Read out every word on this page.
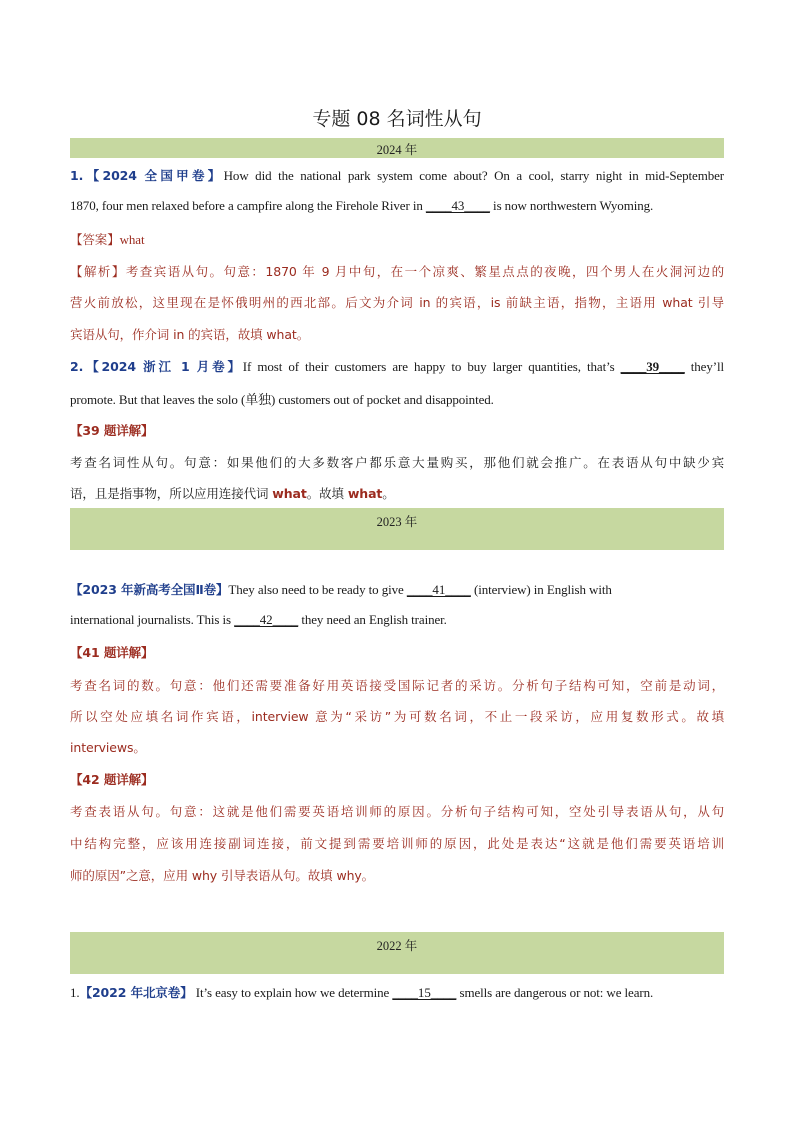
专题 08 名词性从句
2024 年
1.【2024 全国甲卷】How did the national park system come about? On a cool, starry night in mid-September
1870, four men relaxed before a campfire along the Firehole River in ____43____ is now northwestern Wyoming.
【答案】what
【解析】考查宾语从句。句意：1870 年 9 月中旬，在一个凉爽、繁星点点的夜晚，四个男人在火洞河边的
营火前放松，这里现在是怀俄明州的西北部。后文为介词 in 的宾语，is 前缺主语，指物，主语用 what 引导
宾语从句，作介词 in 的宾语，故填 what。
2.【2024 浙江 1 月卷】If most of their customers are happy to buy larger quantities, that’s ____39____ they’ll
promote. But that leaves the solo (单独) customers out of pocket and disappointed.
【39 题详解】
考查名词性从句。句意：如果他们的大多数客户都乐意大量购买，那他们就会推广。在表语从句中缺少宾
语，且是指事物，所以应用连接代词 what。故填 what。
2023 年
【2023 年新高考全国Ⅱ卷】They also need to be ready to give ____41____ (interview) in English with
international journalists. This is ____42____ they need an English trainer.
【41 题详解】
考查名词的数。句意：他们还需要准备好用英语接受国际记者的采访。分析句子结构可知，空前是动词，
所以空处应填名词作宾语，interview 意为“采访”为可数名词，不止一段采访，应用复数形式。故填
interviews。
【42 题详解】
考查表语从句。句意：这就是他们需要英语培训师的原因。分析句子结构可知，空处引导表语从句，从句
中结构完整，应该用连接副词连接，前文提到需要培训师的原因，此处是表达“这就是他们需要英语培训
师的原因”之意，应用 why 引导表语从句。故填 why。
2022 年
1.【2022 年北京卷】 It’s easy to explain how we determine ____15____ smells are dangerous or not: we learn.
